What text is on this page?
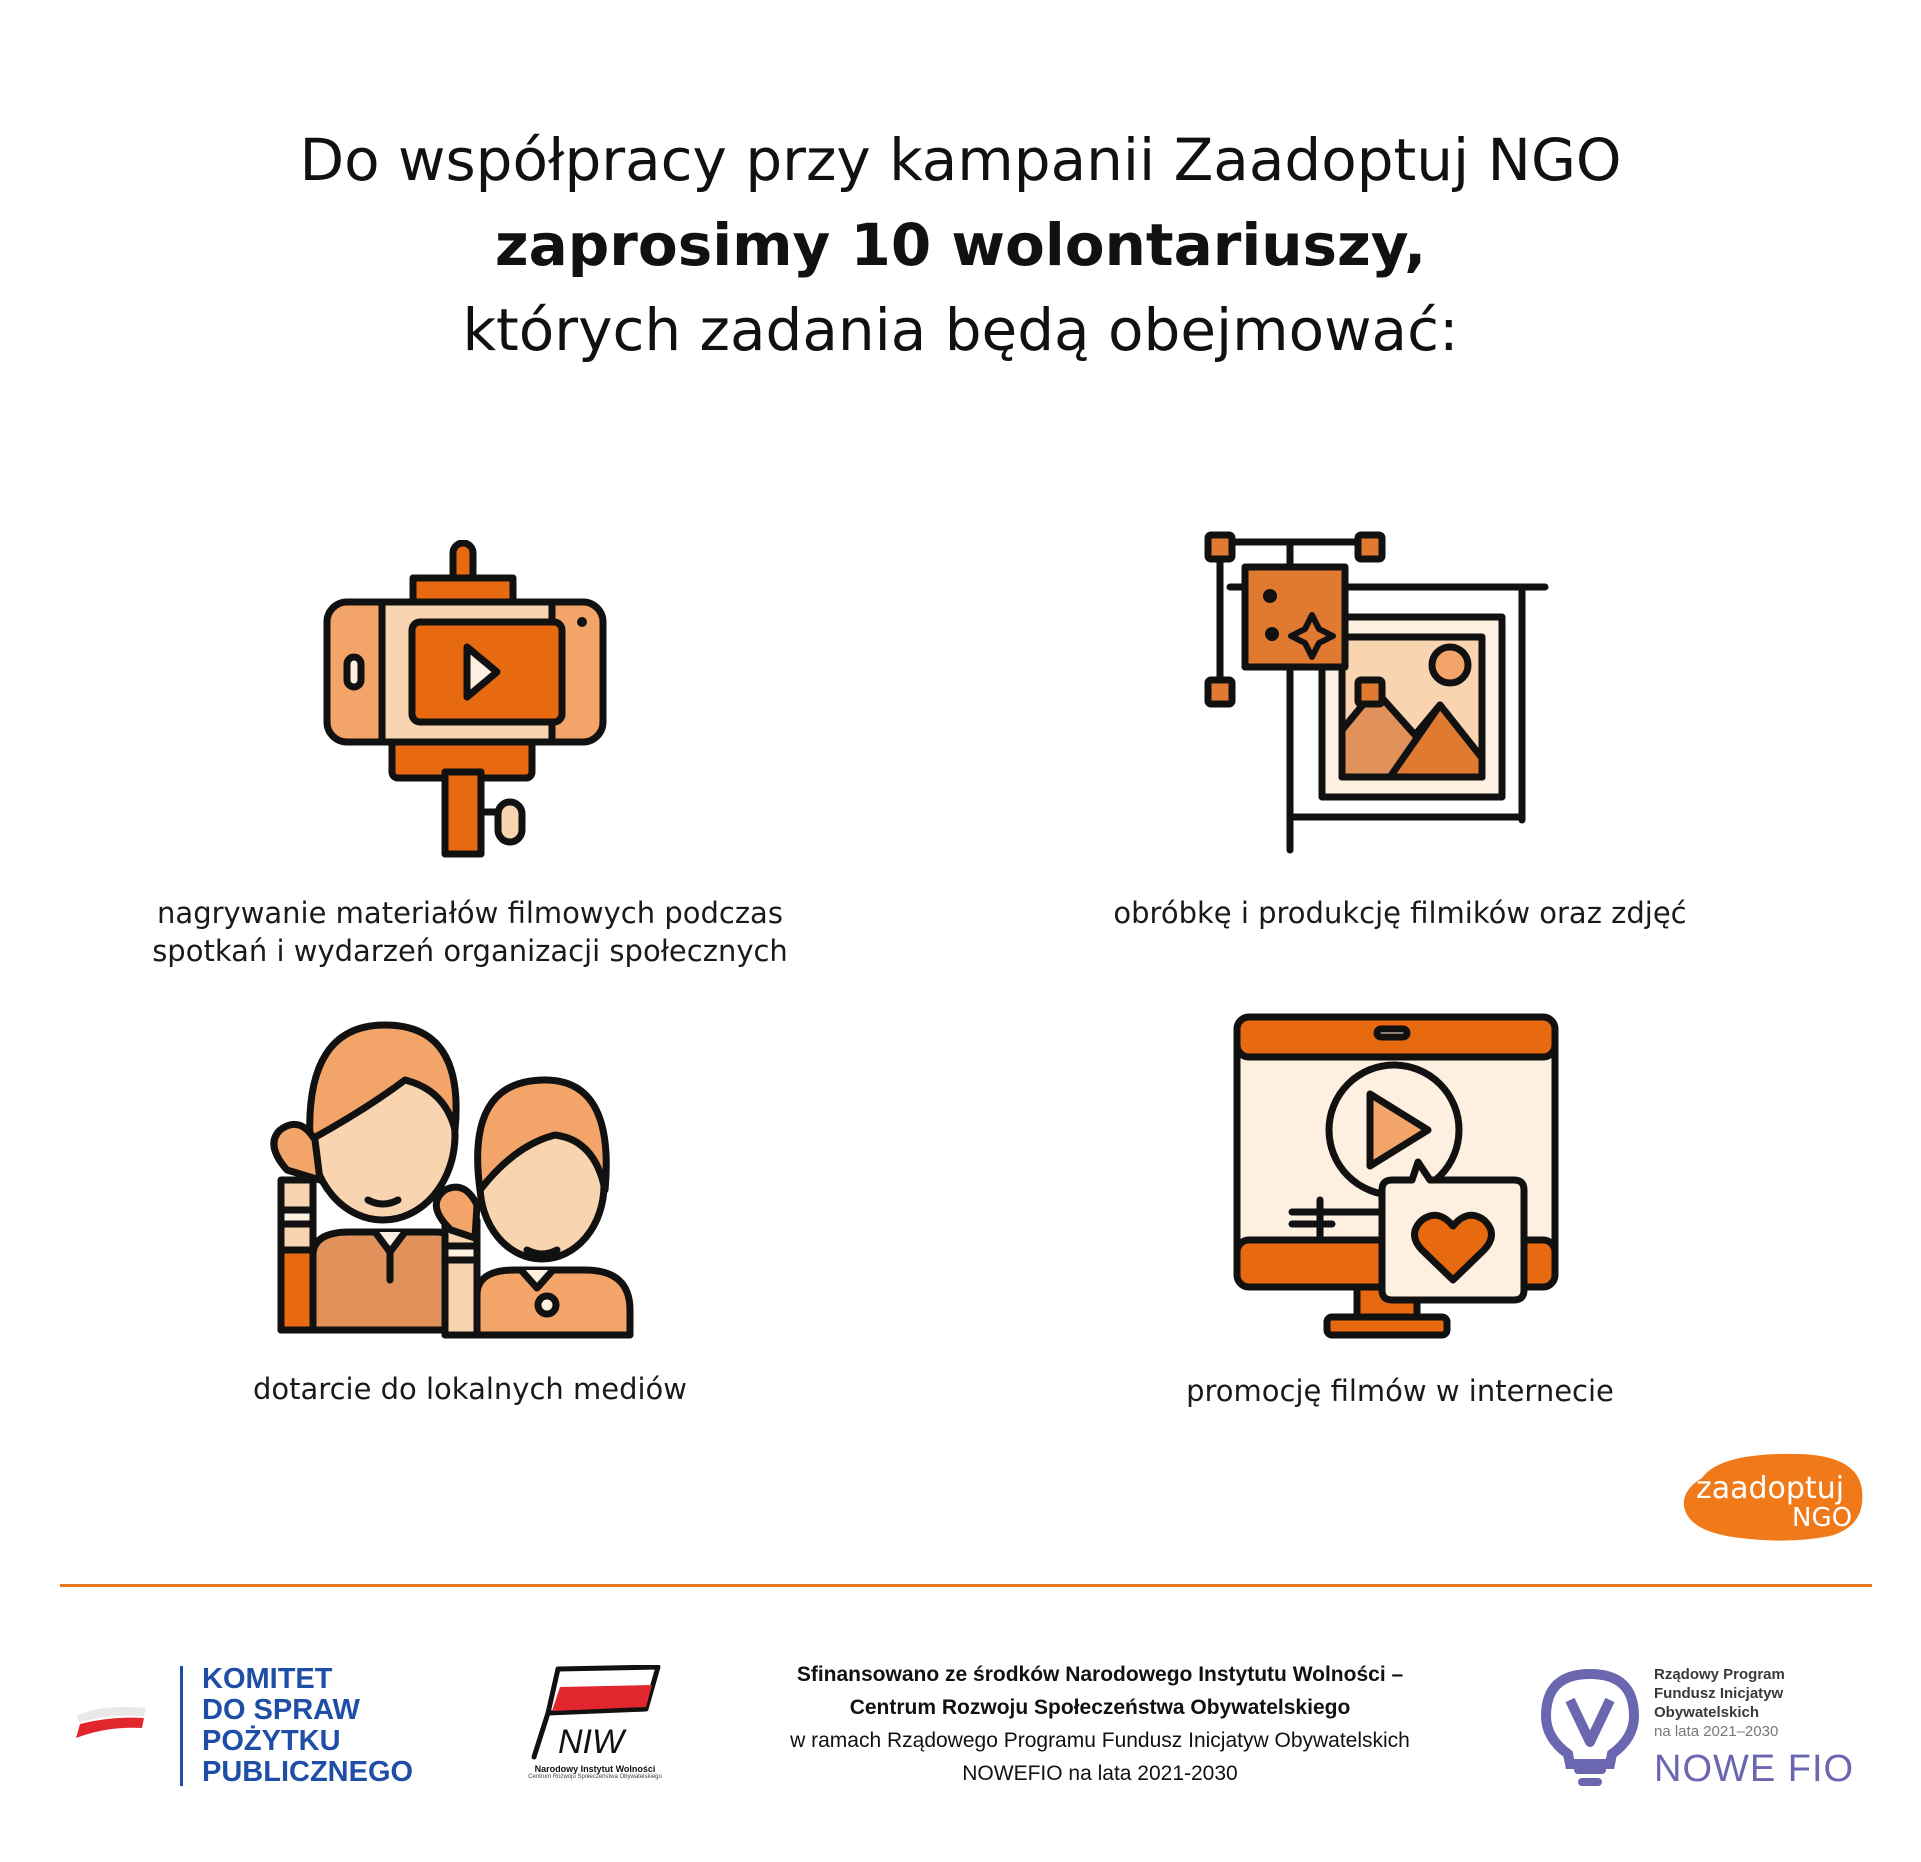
Do współpracy przy kampanii Zaadoptuj NGO
zaprosimy 10 wolontariuszy,
których zadania będą obejmować:
nagrywanie materiałów filmowych podczas
spotkań i wydarzeń organizacji społecznych
obróbkę i produkcję filmików oraz zdjęć
dotarcie do lokalnych mediów	promocję filmów w internecie
zaadoptuj
NGO
KOMITET
DO SPRAW
POŻYTKU
PUBLICZNEGO
NIW
Narodowy Instytut Wolności
Centrum Rozwoju Społeczeństwa Obywatelskiego
Sfinansowano ze środków Narodowego Instytutu Wolności –
Centrum Rozwoju Społeczeństwa Obywatelskiego
w ramach Rządowego Programu Fundusz Inicjatyw Obywatelskich
NOWEFIO na lata 2021-2030
Rządowy Program
Fundusz Inicjatyw
Obywatelskich
na lata 2021–2030
NOWE FIO
